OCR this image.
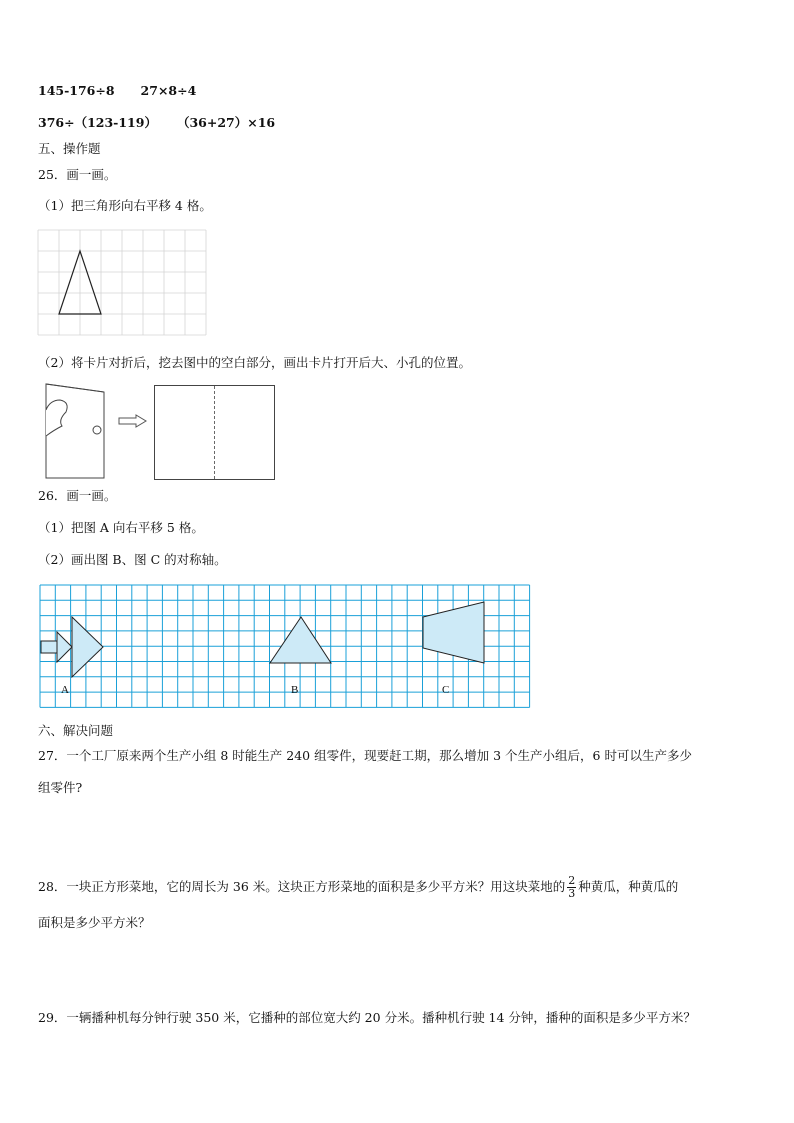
145-176÷8 27×8÷4
376÷（123-119） （36+27）×16
五、操作题
25．画一画。
（1）把三角形向右平移 4 格。
（2）将卡片对折后，挖去图中的空白部分，画出卡片打开后大、小孔的位置。
26．画一画。
（1）把图 A 向右平移 5 格。
（2）画出图 B、图 C 的对称轴。
A	B	C
六、解决问题
27．一个工厂原来两个生产小组 8 时能生产 240 组零件，现要赶工期，那么增加 3 个生产小组后，6 时可以生产多少
组零件?
28．一块正方形菜地，它的周长为 36 米。这块正方形菜地的面积是多少平方米？用这块菜地的 $\frac{2}{3}$ 种黄瓜，种黄瓜的
面积是多少平方米？
29．一辆播种机每分钟行驶 350 米，它播种的部位宽大约 20 分米。播种机行驶 14 分钟，播种的面积是多少平方米？
